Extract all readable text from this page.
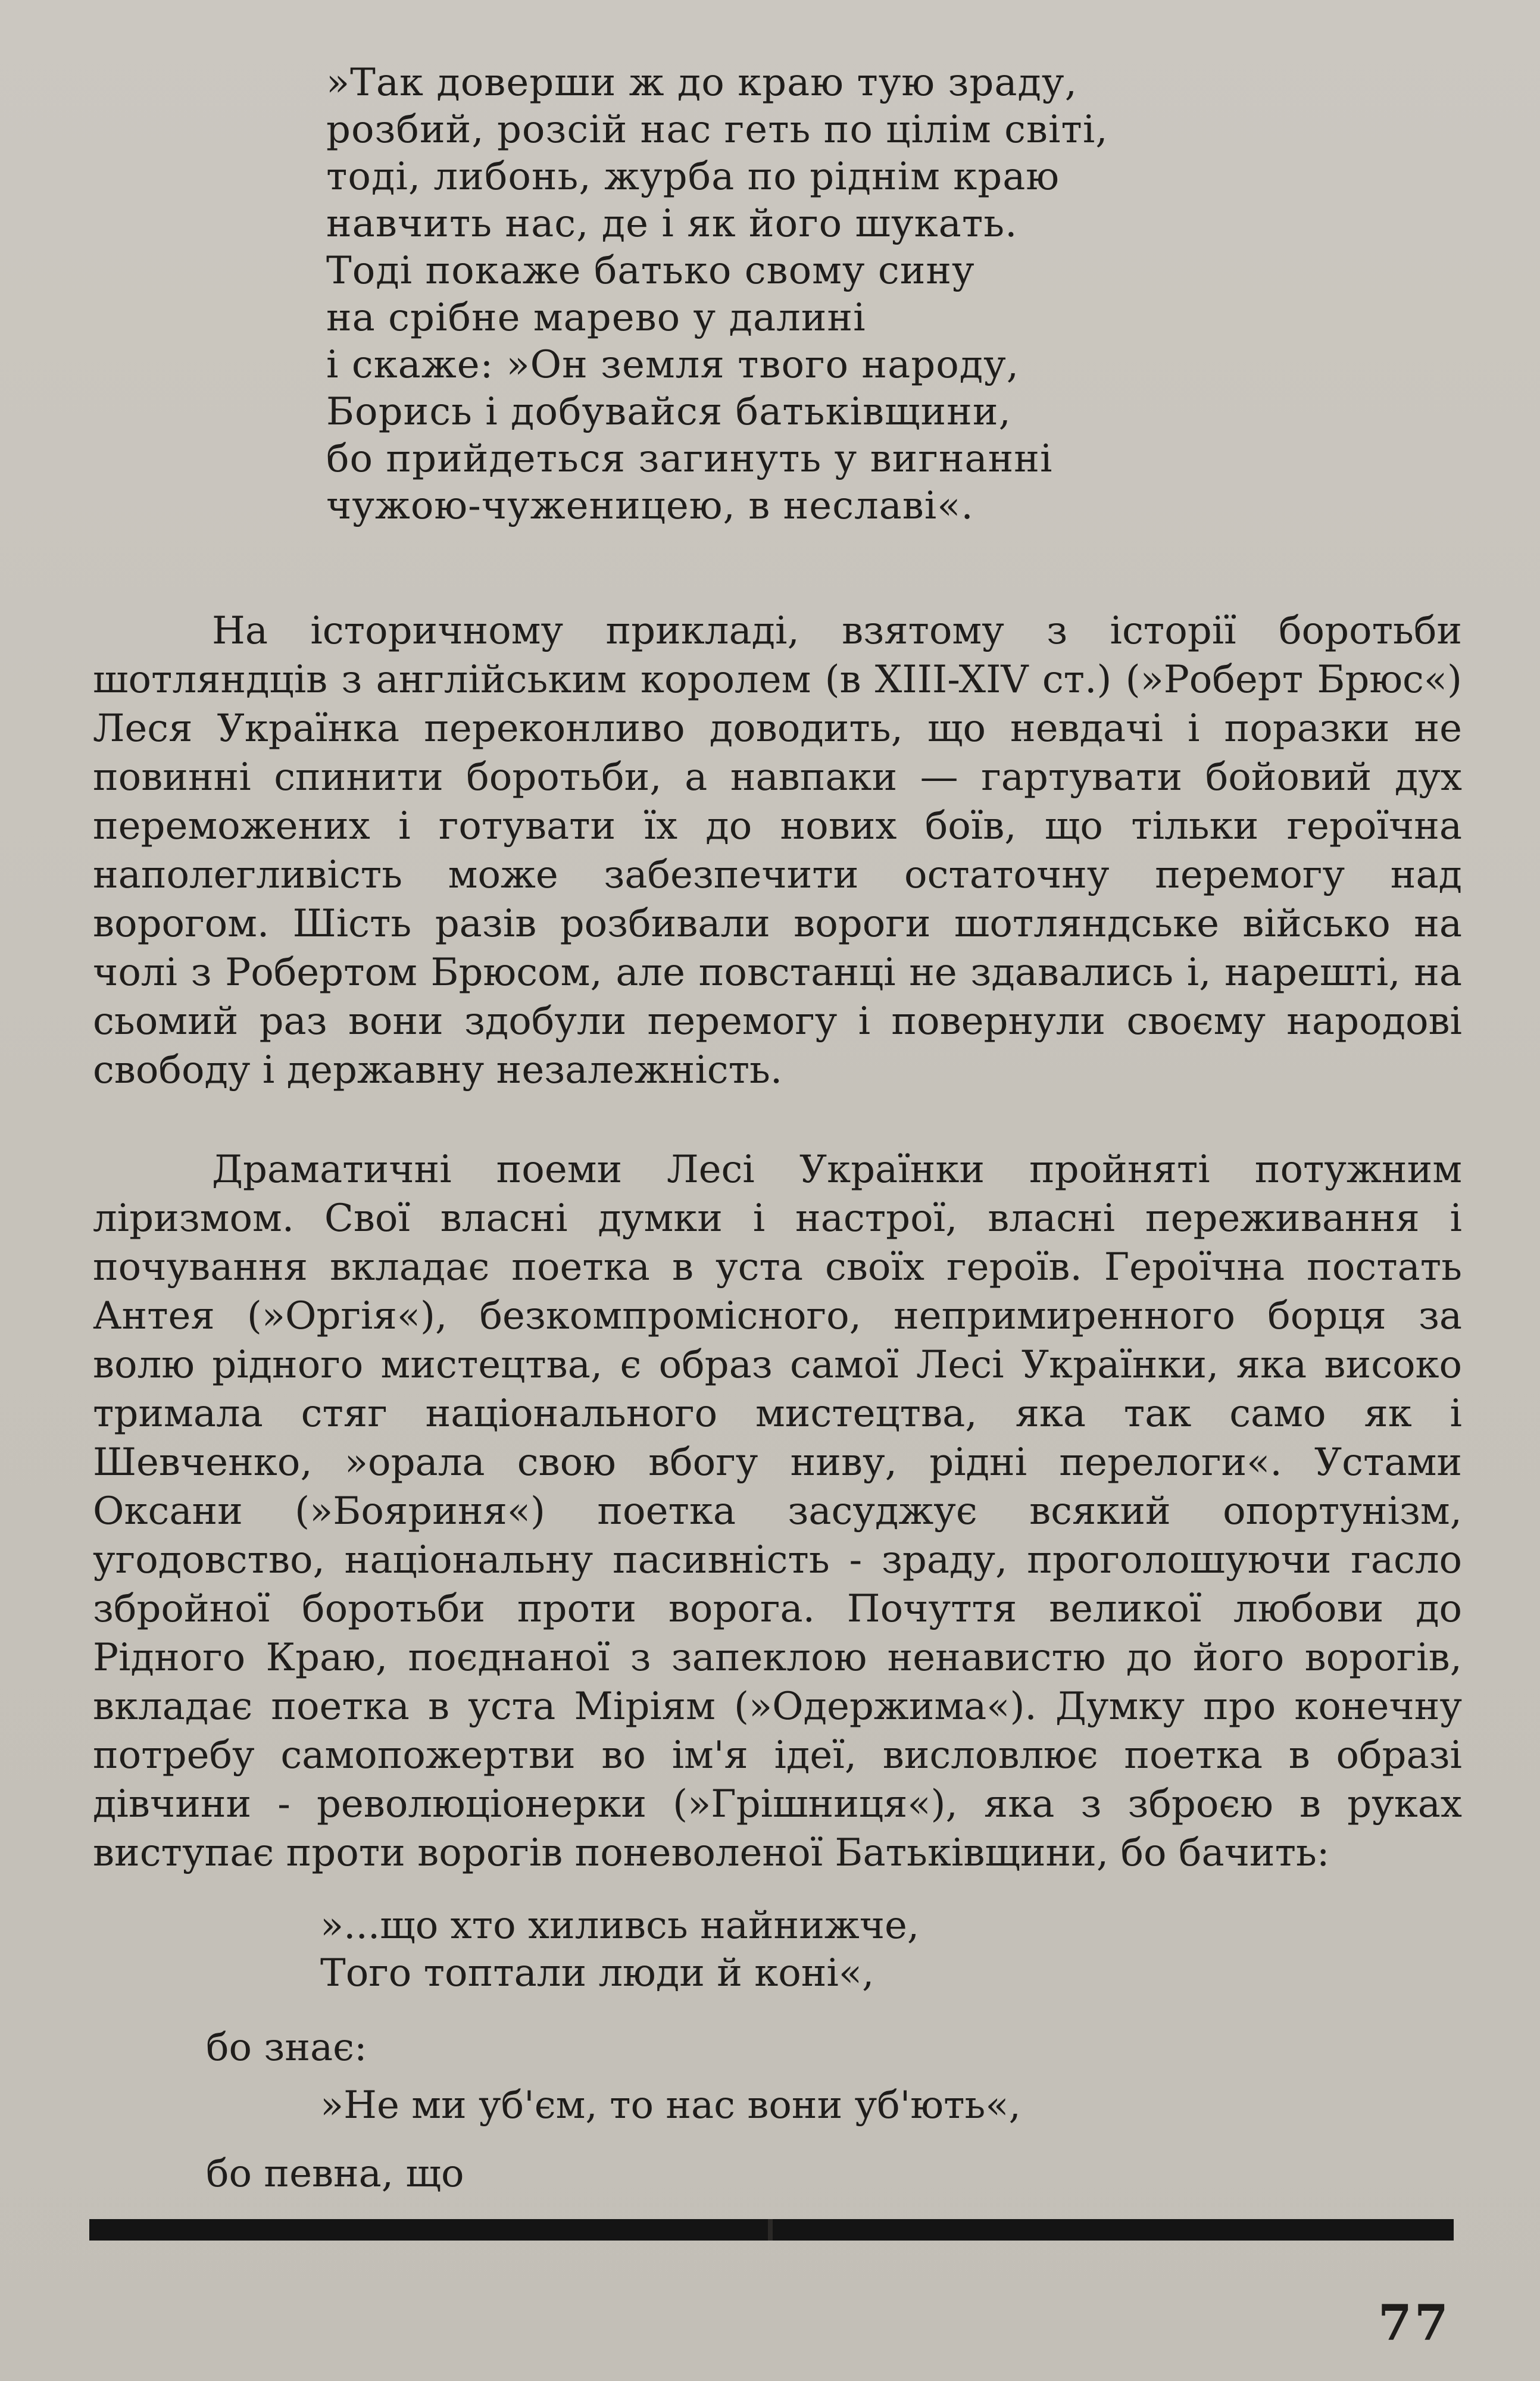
»Так доверши ж до краю тую зраду,
розбий, розсій нас геть по цілім світі,
тоді, либонь, журба по ріднім краю
навчить нас, де і як його шукать.
Тоді покаже батько свому сину
на срібне марево у далині
і скаже: »Он земля твого народу,
Борись і добувайся батьківщини,
бо прийдеться загинуть у вигнанні
чужою-чуженицею, в неславі«.

На історичному прикладі, взятому з історії боротьби шотляндців з англійським королем (в XIII-XIV ст.) (»Роберт Брюс«) Леся Українка переконливо доводить, що невдачі і поразки не повинні спинити боротьби, а навпаки — гартувати бойовий дух переможених і готувати їх до нових боїв, що тільки героїчна наполегливість може забезпечити остаточну перемогу над ворогом. Шість разів розбивали вороги шотляндське військо на чолі з Робертом Брюсом, але повстанці не здавались і, нарешті, на сьомий раз вони здобули перемогу і повернули своєму народові свободу і державну незалежність.

Драматичні поеми Лесі Українки пройняті потужним ліризмом. Свої власні думки і настрої, власні переживання і почування вкладає поетка в уста своїх героїв. Героїчна постать Антея (»Оргія«), безкомпромісного, непримиренного борця за волю рідного мистецтва, є образ самої Лесі Українки, яка високо тримала стяг національного мистецтва, яка так само як і Шевченко, »орала свою вбогу ниву, рідні перелоги«. Устами Оксани (»Бояриня«) поетка засуджує всякий опортунізм, угодовство, національну пасивність - зраду, проголошуючи гасло збройної боротьби проти ворога. Почуття великої любови до Рідного Краю, поєднаної з запеклою ненавистю до його ворогів, вкладає поетка в уста Міріям (»Одержима«). Думку про конечну потребу самопожертви во ім'я ідеї, висловлює поетка в образі дівчини - революціонерки (»Грішниця«), яка з зброєю в руках виступає проти ворогів поневоленої Батьківщини, бо бачить:

»...що хто хиливсь найнижче,
Того топтали люди й коні«,
бо знає:
»Не ми уб'єм, то нас вони уб'ють«,
бо певна, що
77
